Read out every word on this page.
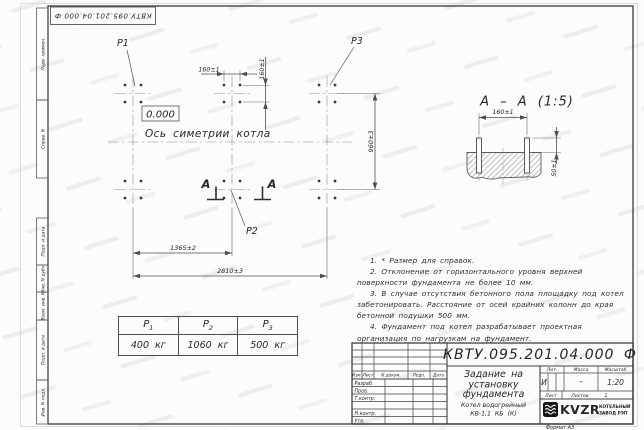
Перв. примен.
Справ. N
Подп. и дата
Инв. N дубл.
Взам. инв. N
Подп. и дата
Инв. N подл.
КВТУ.095.201.04.000 Ф
P1	P3
P2
0.000
Ось симетрии котла
А	А
160±1	160±1
1365±2
2810±3
960±3
А – А (1:5)
160±1
50±1
КВТУ.095.201.04.000 Ф
Задание на
установку
фундамента
Котел водогрейный
КВ-1,1 КБ (К)
Лит.	Масса	Масштаб
И	–	1:20
Лист	Листов	1
Изм. Лист N докум.	Подп. Дата
Разраб.
Пров.
Т.контр.
Н.контр.
Утв.
KVZR
КОТЕЛЬНЫЙ
ЗАВОД РЭП
Формат А3

1. * Размер для справок.

2. Отклонение от горизонтального уровня верхней поверхности фундамента не более 10 мм.

3. В случае отсутствия бетонного пола площадку под котел забетонировать. Расстояние от осей крайних колонн до края бетонной подушки 500 мм.

4. Фундамент под котел разрабатывает проектная организация по нагрузкам на фундамент.

$P_1$	$P_2$	$P_3$
400  кг	1060  кг	500  кг
